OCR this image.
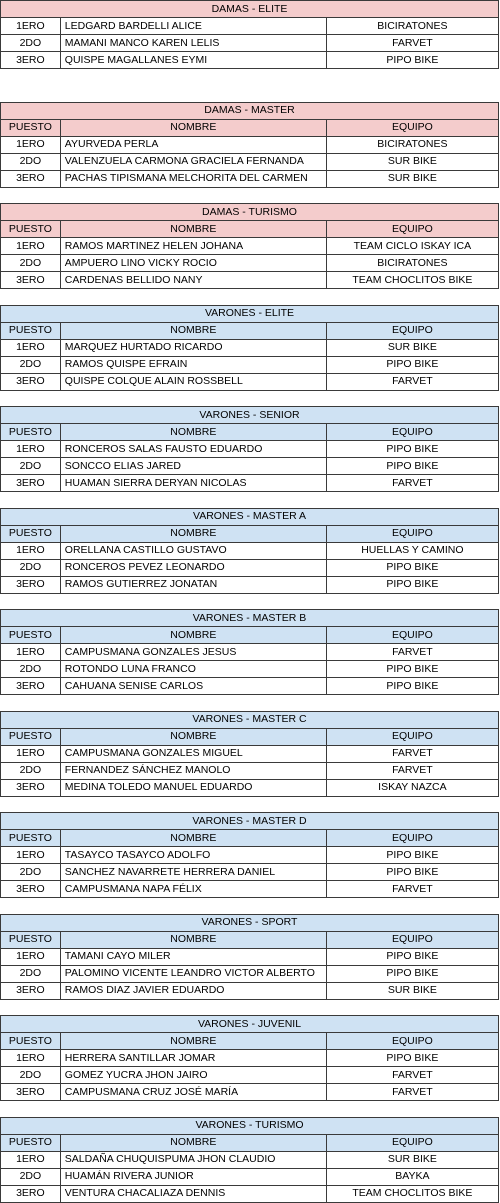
DAMAS - ELITE		
1ERO	LEDGARD BARDELLI ALICE	BICIRATONES
2DO	MAMANI MANCO KAREN LELIS	FARVET
3ERO	QUISPE MAGALLANES EYMI	PIPO BIKE
DAMAS - MASTER		
PUESTO	NOMBRE	EQUIPO
1ERO	AYURVEDA PERLA	BICIRATONES
2DO	VALENZUELA CARMONA GRACIELA FERNANDA	SUR BIKE
3ERO	PACHAS TIPISMANA MELCHORITA DEL CARMEN	SUR BIKE
DAMAS - TURISMO		
PUESTO	NOMBRE	EQUIPO
1ERO	RAMOS MARTINEZ HELEN JOHANA	TEAM CICLO ISKAY ICA
2DO	AMPUERO LINO VICKY ROCIO	BICIRATONES
3ERO	CARDENAS BELLIDO NANY	TEAM CHOCLITOS BIKE
VARONES - ELITE		
PUESTO	NOMBRE	EQUIPO
1ERO	MARQUEZ HURTADO RICARDO	SUR BIKE
2DO	RAMOS QUISPE EFRAIN	PIPO BIKE
3ERO	QUISPE COLQUE ALAIN ROSSBELL	FARVET
VARONES - SENIOR		
PUESTO	NOMBRE	EQUIPO
1ERO	RONCEROS SALAS FAUSTO EDUARDO	PIPO BIKE
2DO	SONCCO ELIAS JARED	PIPO BIKE
3ERO	HUAMAN SIERRA DERYAN NICOLAS	FARVET
VARONES - MASTER A		
PUESTO	NOMBRE	EQUIPO
1ERO	ORELLANA CASTILLO GUSTAVO	HUELLAS Y CAMINO
2DO	RONCEROS PEVEZ LEONARDO	PIPO BIKE
3ERO	RAMOS GUTIERREZ JONATAN	PIPO BIKE
VARONES - MASTER B		
PUESTO	NOMBRE	EQUIPO
1ERO	CAMPUSMANA GONZALES JESUS	FARVET
2DO	ROTONDO LUNA FRANCO	PIPO BIKE
3ERO	CAHUANA SENISE CARLOS	PIPO BIKE
VARONES - MASTER C		
PUESTO	NOMBRE	EQUIPO
1ERO	CAMPUSMANA GONZALES MIGUEL	FARVET
2DO	FERNANDEZ SÁNCHEZ MANOLO	FARVET
3ERO	MEDINA TOLEDO MANUEL EDUARDO	ISKAY NAZCA
VARONES - MASTER D		
PUESTO	NOMBRE	EQUIPO
1ERO	TASAYCO TASAYCO ADOLFO	PIPO BIKE
2DO	SANCHEZ NAVARRETE HERRERA DANIEL	PIPO BIKE
3ERO	CAMPUSMANA NAPA FÉLIX	FARVET
VARONES - SPORT		
PUESTO	NOMBRE	EQUIPO
1ERO	TAMANI CAYO MILER	PIPO BIKE
2DO	PALOMINO VICENTE LEANDRO VICTOR ALBERTO	PIPO BIKE
3ERO	RAMOS DIAZ JAVIER EDUARDO	SUR BIKE
VARONES - JUVENIL		
PUESTO	NOMBRE	EQUIPO
1ERO	HERRERA SANTILLAR JOMAR	PIPO BIKE
2DO	GOMEZ YUCRA JHON JAIRO	FARVET
3ERO	CAMPUSMANA CRUZ JOSÉ MARÍA	FARVET
VARONES - TURISMO		
PUESTO	NOMBRE	EQUIPO
1ERO	SALDAÑA CHUQUISPUMA JHON CLAUDIO	SUR BIKE
2DO	HUAMÁN RIVERA JUNIOR	BAYKA
3ERO	VENTURA CHACALIAZA DENNIS	TEAM CHOCLITOS BIKE
